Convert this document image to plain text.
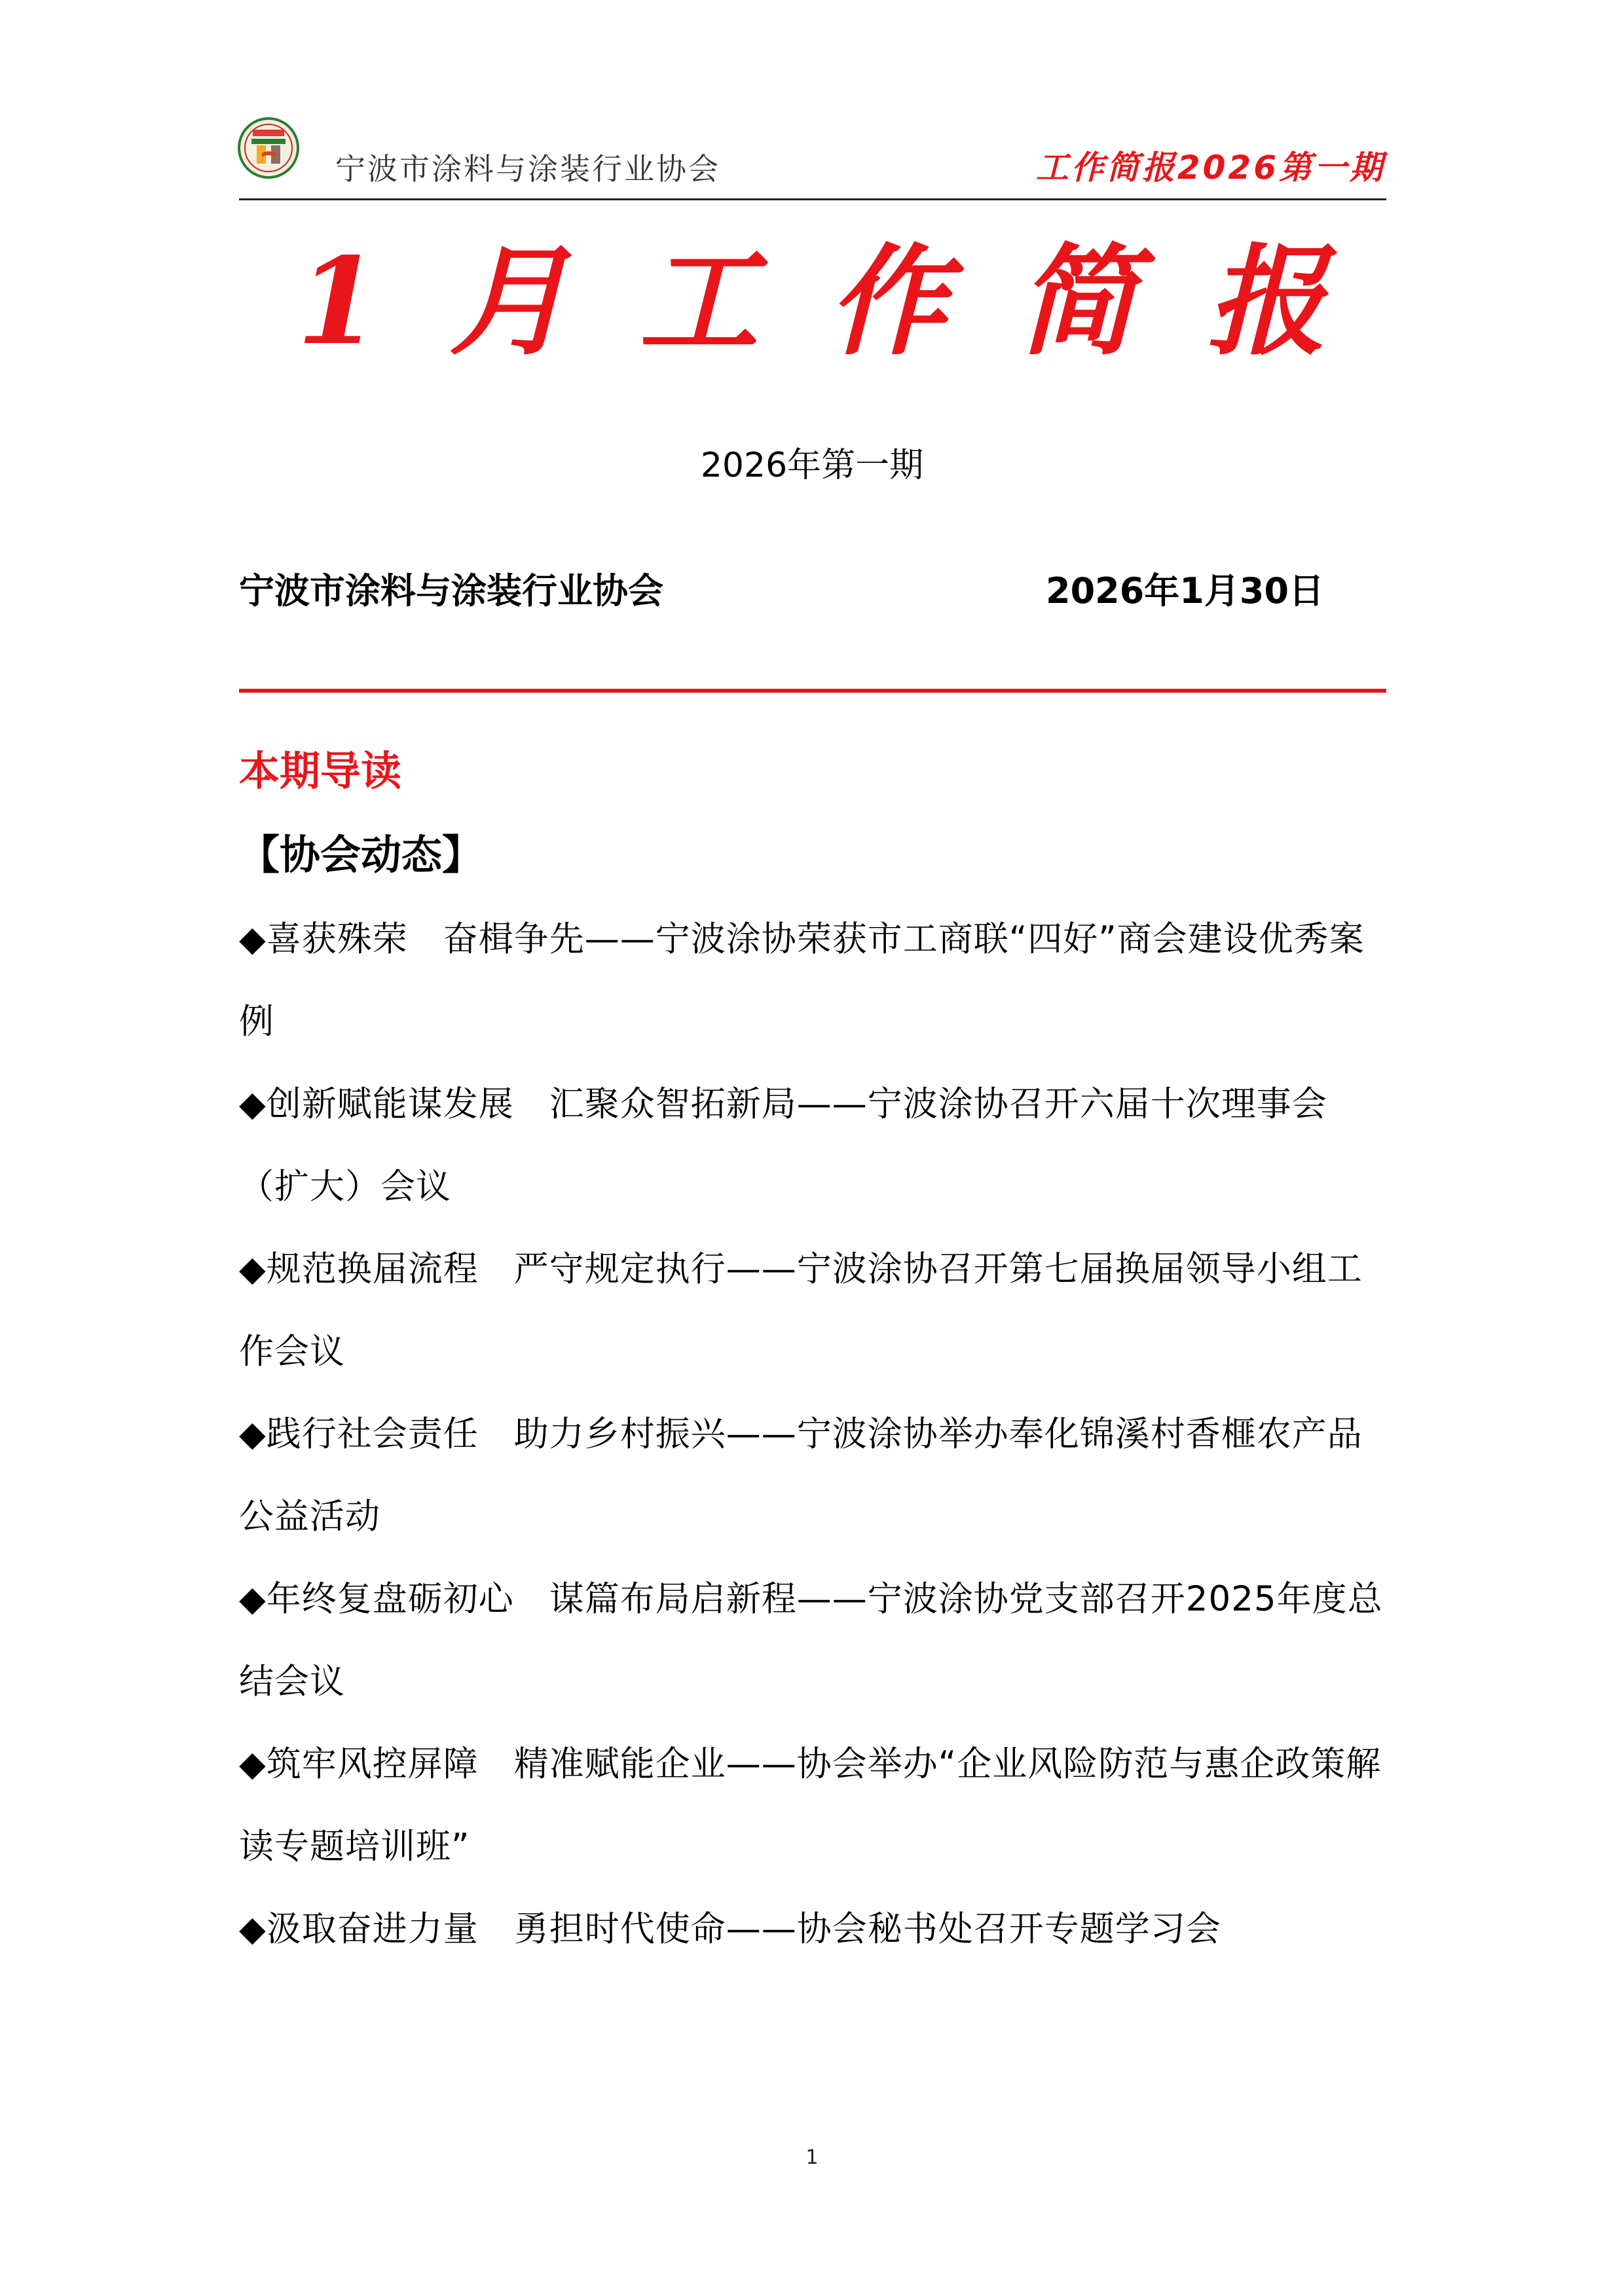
宁波市涂料与涂装行业协会	工作简报2026第一期
1 月 工 作 简 报
2026年第一期
宁波市涂料与涂装行业协会	2026年1月30日
本期导读
【协会动态】
◆喜获殊荣　奋楫争先——宁波涂协荣获市工商联“四好”商会建设优秀案例
◆创新赋能谋发展　汇聚众智拓新局——宁波涂协召开六届十次理事会（扩大）会议
◆规范换届流程　严守规定执行——宁波涂协召开第七届换届领导小组工作会议
◆践行社会责任　助力乡村振兴——宁波涂协举办奉化锦溪村香榧农产品公益活动
◆年终复盘砺初心　谋篇布局启新程——宁波涂协党支部召开2025年度总结会议
◆筑牢风控屏障　精准赋能企业——协会举办“企业风险防范与惠企政策解读专题培训班”
◆汲取奋进力量　勇担时代使命——协会秘书处召开专题学习会
1
